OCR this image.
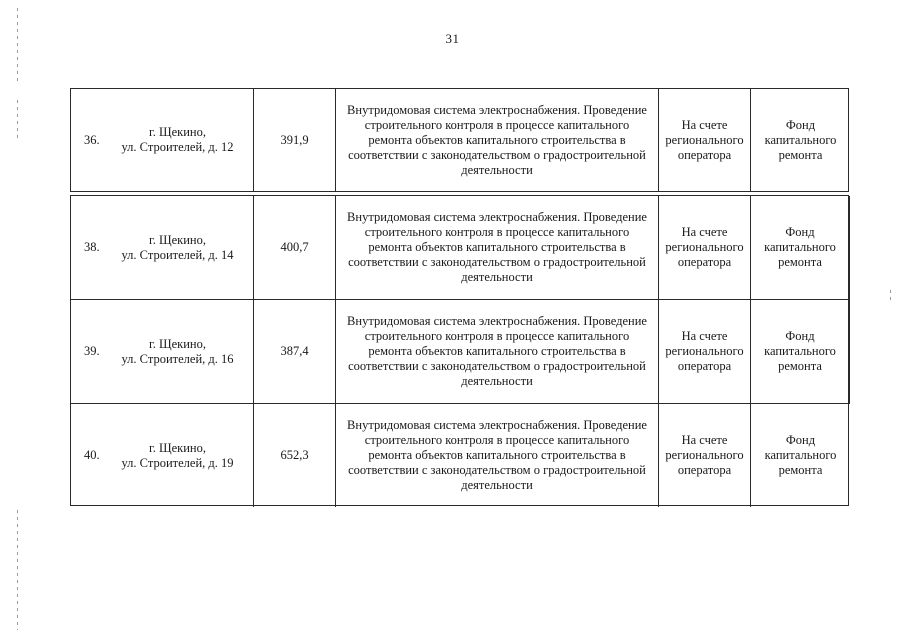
31
36.
г. Щекино,
ул. Строителей, д. 12
391,9
Внутридомовая система электроснабжения. Проведение
строительного контроля в процессе капитального
ремонта объектов капитального строительства в
соответствии с законодательством о градостроительной
деятельности
На счете
регионального
оператора
Фонд
капитального
ремонта
38.
г. Щекино,
ул. Строителей, д. 14
400,7
Внутридомовая система электроснабжения. Проведение
строительного контроля в процессе капитального
ремонта объектов капитального строительства в
соответствии с законодательством о градостроительной
деятельности
На счете
регионального
оператора
Фонд
капитального
ремонта
39.
г. Щекино,
ул. Строителей, д. 16
387,4
Внутридомовая система электроснабжения. Проведение
строительного контроля в процессе капитального
ремонта объектов капитального строительства в
соответствии с законодательством о градостроительной
деятельности
На счете
регионального
оператора
Фонд
капитального
ремонта
40.
г. Щекино,
ул. Строителей, д. 19
652,3
Внутридомовая система электроснабжения. Проведение
строительного контроля в процессе капитального
ремонта объектов капитального строительства в
соответствии с законодательством о градостроительной
деятельности
На счете
регионального
оператора
Фонд
капитального
ремонта
